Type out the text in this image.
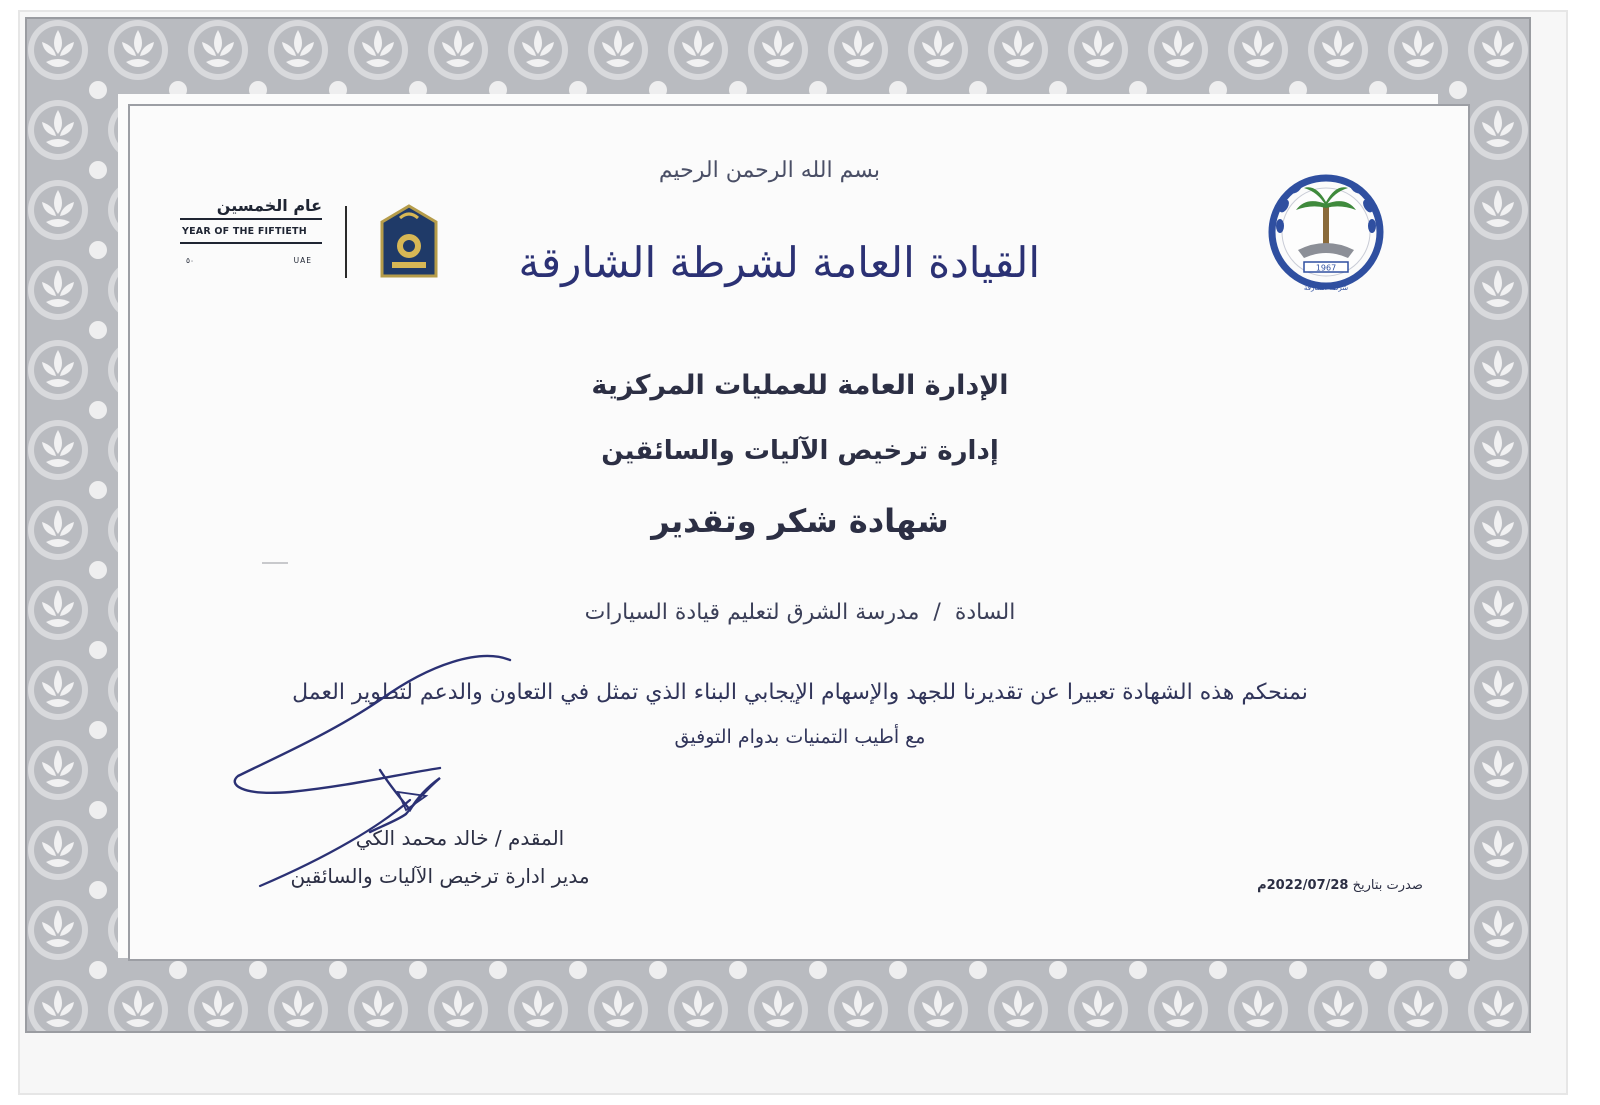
بسم الله الرحمن الرحيم
القيادة العامة لشرطة الشارقة
عام الخمسين
YEAR OF THE FIFTIETH
٥٠	UAE
1967
شرطة الشارقة
الإدارة العامة للعمليات المركزية
إدارة ترخيص الآليات والسائقين
شهادة شكر وتقدير
السادة/مدرسة الشرق لتعليم قيادة السيارات
نمنحكم هذه الشهادة تعبيرا عن تقديرنا للجهد والإسهام الإيجابي البناء الذي تمثل في التعاون والدعم لتطوير العمل
مع أطيب التمنيات بدوام التوفيق
المقدم / خالد محمد الكي
مدير ادارة ترخيص الآليات والسائقين	صدرت بتاريخ 2022/07/28م
